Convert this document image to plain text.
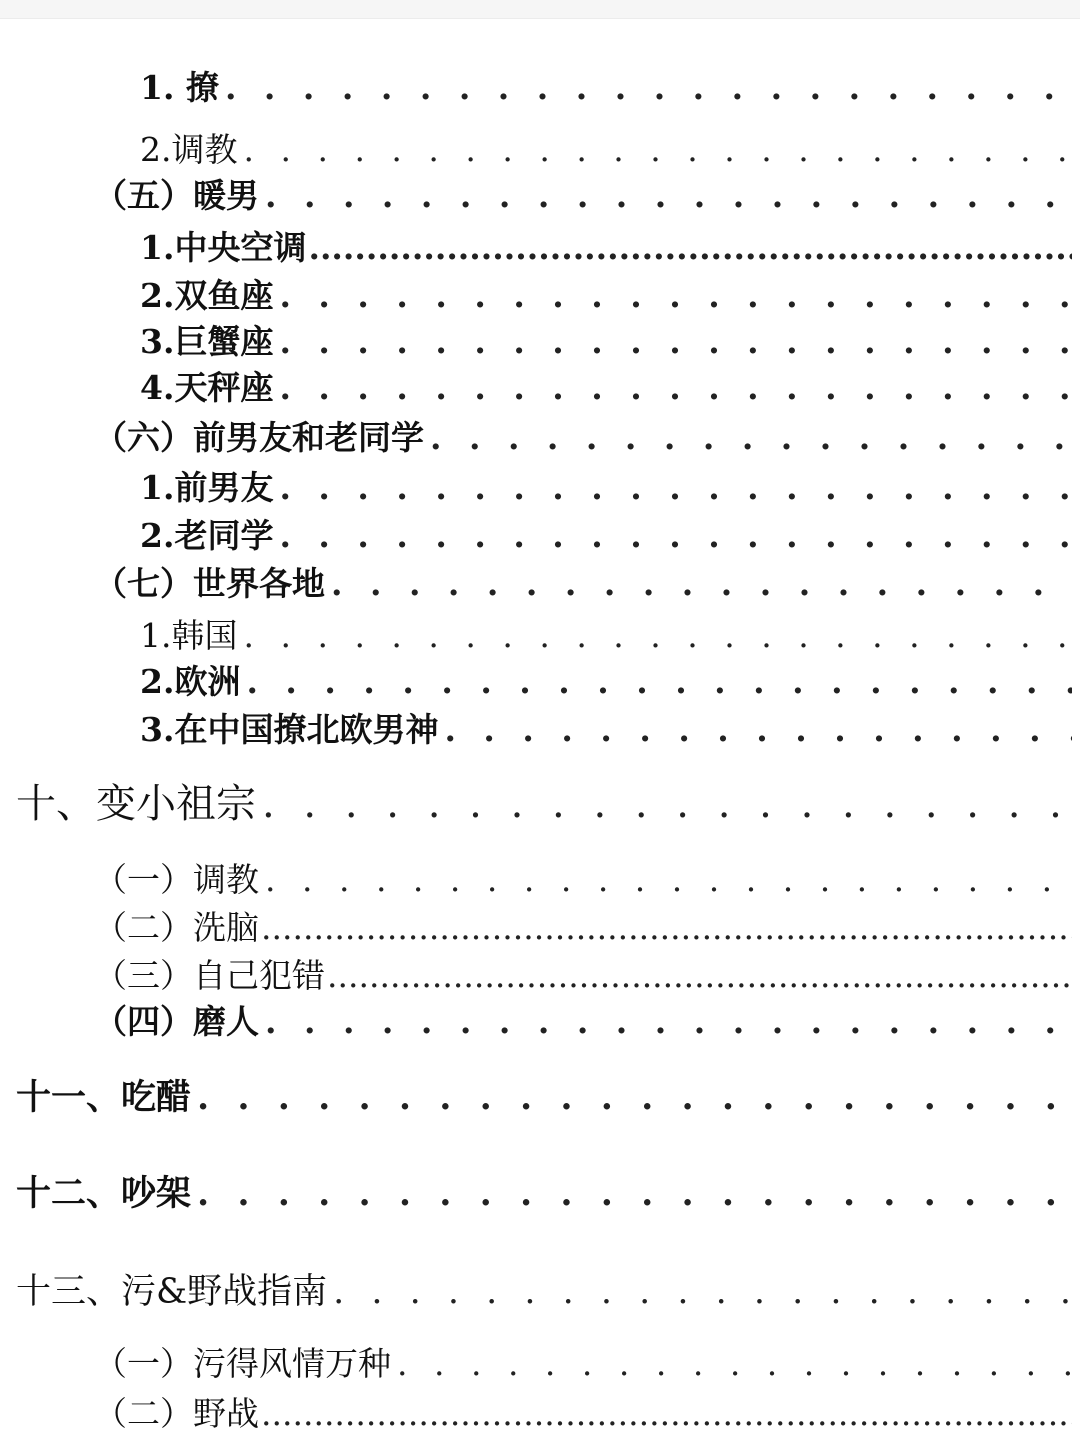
1. 撩
. . .
2.调教
. . .
（五）暖男
. . .
1.中央空调
.....
2.双鱼座
. . .
3.巨蟹座
. . .
4.天秤座
. . .
（六）前男友和老同学
. . .
1.前男友
. . .
2.老同学
. . .
（七）世界各地
. . .
1.韩国
. . .
2.欧洲
. . .
3.在中国撩北欧男神
. . .
十、变小祖宗
. . .
（一）调教
. . .
（二）洗脑
.....
（三）自己犯错
.....
（四）磨人
. . .
十一、吃醋
. . .
十二、吵架
. . .
十三、污&野战指南
. . .
（一）污得风情万种
. . .
（二）野战
.....
